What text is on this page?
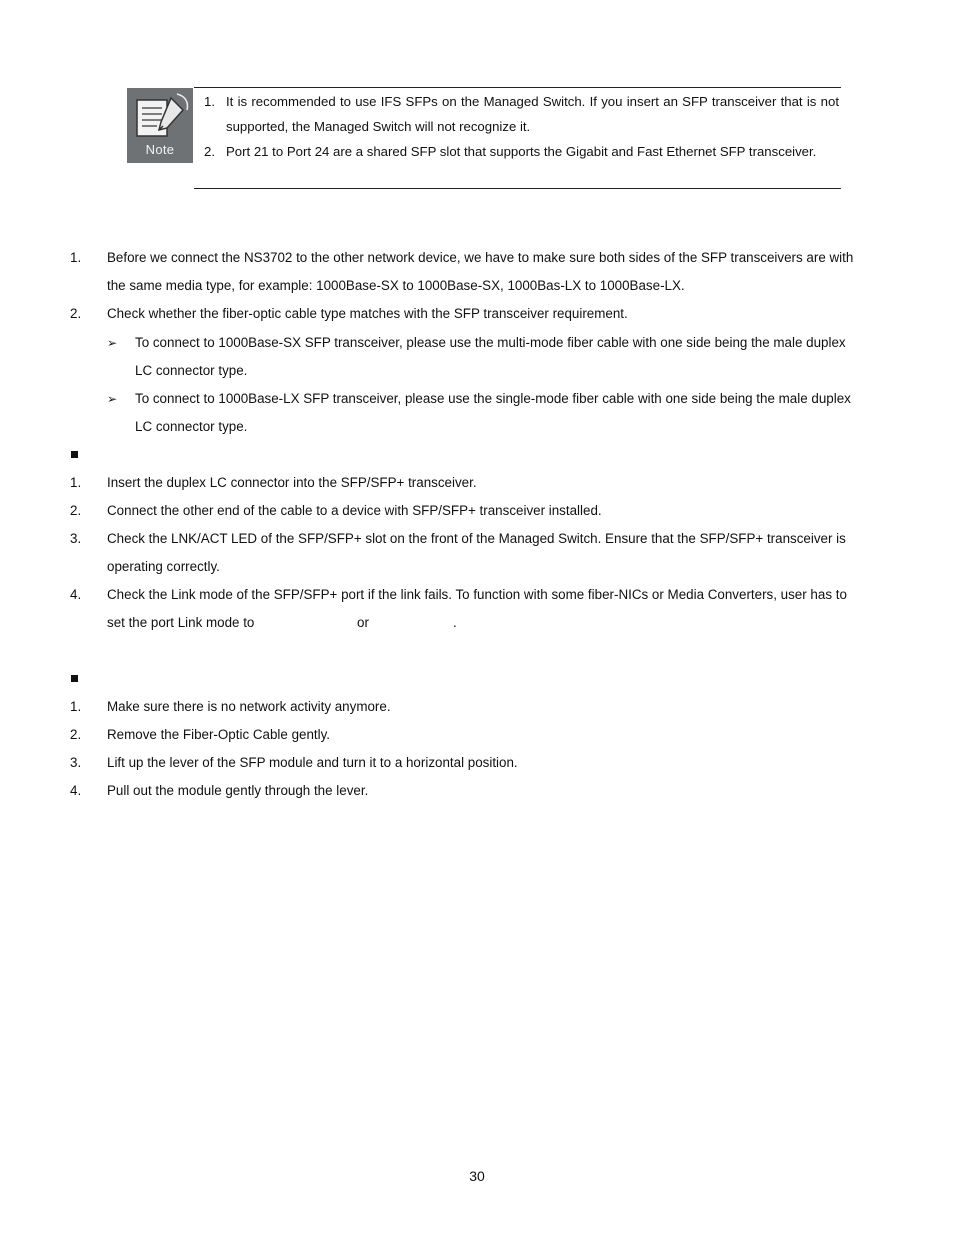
Note
1. It is recommended to use IFS SFPs on the Managed Switch. If you insert an SFP transceiver that is not supported, the Managed Switch will not recognize it.
2. Port 21 to Port 24 are a shared SFP slot that supports the Gigabit and Fast Ethernet SFP transceiver.
1. Before we connect the NS3702 to the other network device, we have to make sure both sides of the SFP transceivers are with
the same media type, for example: 1000Base-SX to 1000Base-SX, 1000Bas-LX to 1000Base-LX.
2. Check whether the fiber-optic cable type matches with the SFP transceiver requirement.
➢ To connect to 1000Base-SX SFP transceiver, please use the multi-mode fiber cable with one side being the male duplex
LC connector type.
➢ To connect to 1000Base-LX SFP transceiver, please use the single-mode fiber cable with one side being the male duplex
LC connector type.
1. Insert the duplex LC connector into the SFP/SFP+ transceiver.
2. Connect the other end of the cable to a device with SFP/SFP+ transceiver installed.
3. Check the LNK/ACT LED of the SFP/SFP+ slot on the front of the Managed Switch. Ensure that the SFP/SFP+ transceiver is
operating correctly.
4. Check the Link mode of the SFP/SFP+ port if the link fails. To function with some fiber-NICs or Media Converters, user has to
set the port Link mode to	or	.
1. Make sure there is no network activity anymore.
2. Remove the Fiber-Optic Cable gently.
3. Lift up the lever of the SFP module and turn it to a horizontal position.
4. Pull out the module gently through the lever.
30
